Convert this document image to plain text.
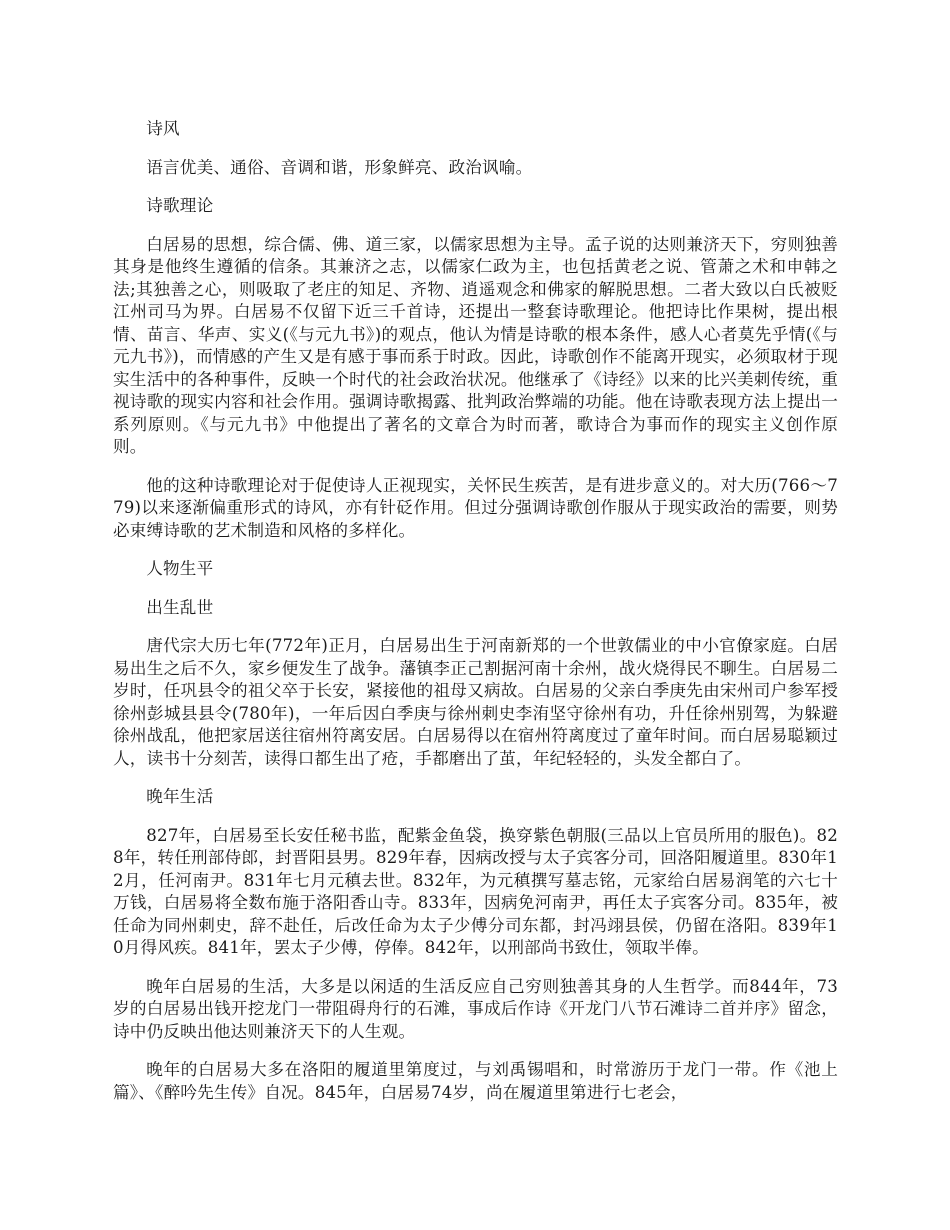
诗风

语言优美、通俗、音调和谐，形象鲜亮、政治讽喻。

诗歌理论

白居易的思想，综合儒、佛、道三家，以儒家思想为主导。孟子说的达则兼济天下，穷则独善其身是他终生遵循的信条。其兼济之志，以儒家仁政为主，也包括黄老之说、管萧之术和申韩之法;其独善之心，则吸取了老庄的知足、齐物、逍遥观念和佛家的解脱思想。二者大致以白氏被贬江州司马为界。白居易不仅留下近三千首诗，还提出一整套诗歌理论。他把诗比作果树，提出根情、苗言、华声、实义(《与元九书》)的观点，他认为情是诗歌的根本条件，感人心者莫先乎情(《与元九书》)，而情感的产生又是有感于事而系于时政。因此，诗歌创作不能离开现实，必须取材于现实生活中的各种事件，反映一个时代的社会政治状况。他继承了《诗经》以来的比兴美刺传统，重视诗歌的现实内容和社会作用。强调诗歌揭露、批判政治弊端的功能。他在诗歌表现方法上提出一系列原则。《与元九书》中他提出了著名的文章合为时而著，歌诗合为事而作的现实主义创作原则。

他的这种诗歌理论对于促使诗人正视现实，关怀民生疾苦，是有进步意义的。对大历(766～779)以来逐渐偏重形式的诗风，亦有针砭作用。但过分强调诗歌创作服从于现实政治的需要，则势必束缚诗歌的艺术制造和风格的多样化。

人物生平

出生乱世

唐代宗大历七年(772年)正月，白居易出生于河南新郑的一个世敦儒业的中小官僚家庭。白居易出生之后不久，家乡便发生了战争。藩镇李正己割据河南十余州，战火烧得民不聊生。白居易二岁时，任巩县令的祖父卒于长安，紧接他的祖母又病故。白居易的父亲白季庚先由宋州司户参军授徐州彭城县县令(780年)，一年后因白季庚与徐州刺史李洧坚守徐州有功，升任徐州别驾，为躲避徐州战乱，他把家居送往宿州符离安居。白居易得以在宿州符离度过了童年时间。而白居易聪颖过人，读书十分刻苦，读得口都生出了疮，手都磨出了茧，年纪轻轻的，头发全都白了。

晚年生活

827年，白居易至长安任秘书监，配紫金鱼袋，换穿紫色朝服(三品以上官员所用的服色)。828年，转任刑部侍郎，封晋阳县男。829年春，因病改授与太子宾客分司，回洛阳履道里。830年12月，任河南尹。831年七月元稹去世。832年，为元稹撰写墓志铭，元家给白居易润笔的六七十万钱，白居易将全数布施于洛阳香山寺。833年，因病免河南尹，再任太子宾客分司。835年，被任命为同州刺史，辞不赴任，后改任命为太子少傅分司东都，封冯翊县侯，仍留在洛阳。839年10月得风疾。841年，罢太子少傅，停俸。842年，以刑部尚书致仕，领取半俸。

晚年白居易的生活，大多是以闲适的生活反应自己穷则独善其身的人生哲学。而844年，73岁的白居易出钱开挖龙门一带阻碍舟行的石滩，事成后作诗《开龙门八节石滩诗二首并序》留念，诗中仍反映出他达则兼济天下的人生观。

晚年的白居易大多在洛阳的履道里第度过，与刘禹锡唱和，时常游历于龙门一带。作《池上篇》、《醉吟先生传》自况。845年，白居易74岁，尚在履道里第进行七老会，
